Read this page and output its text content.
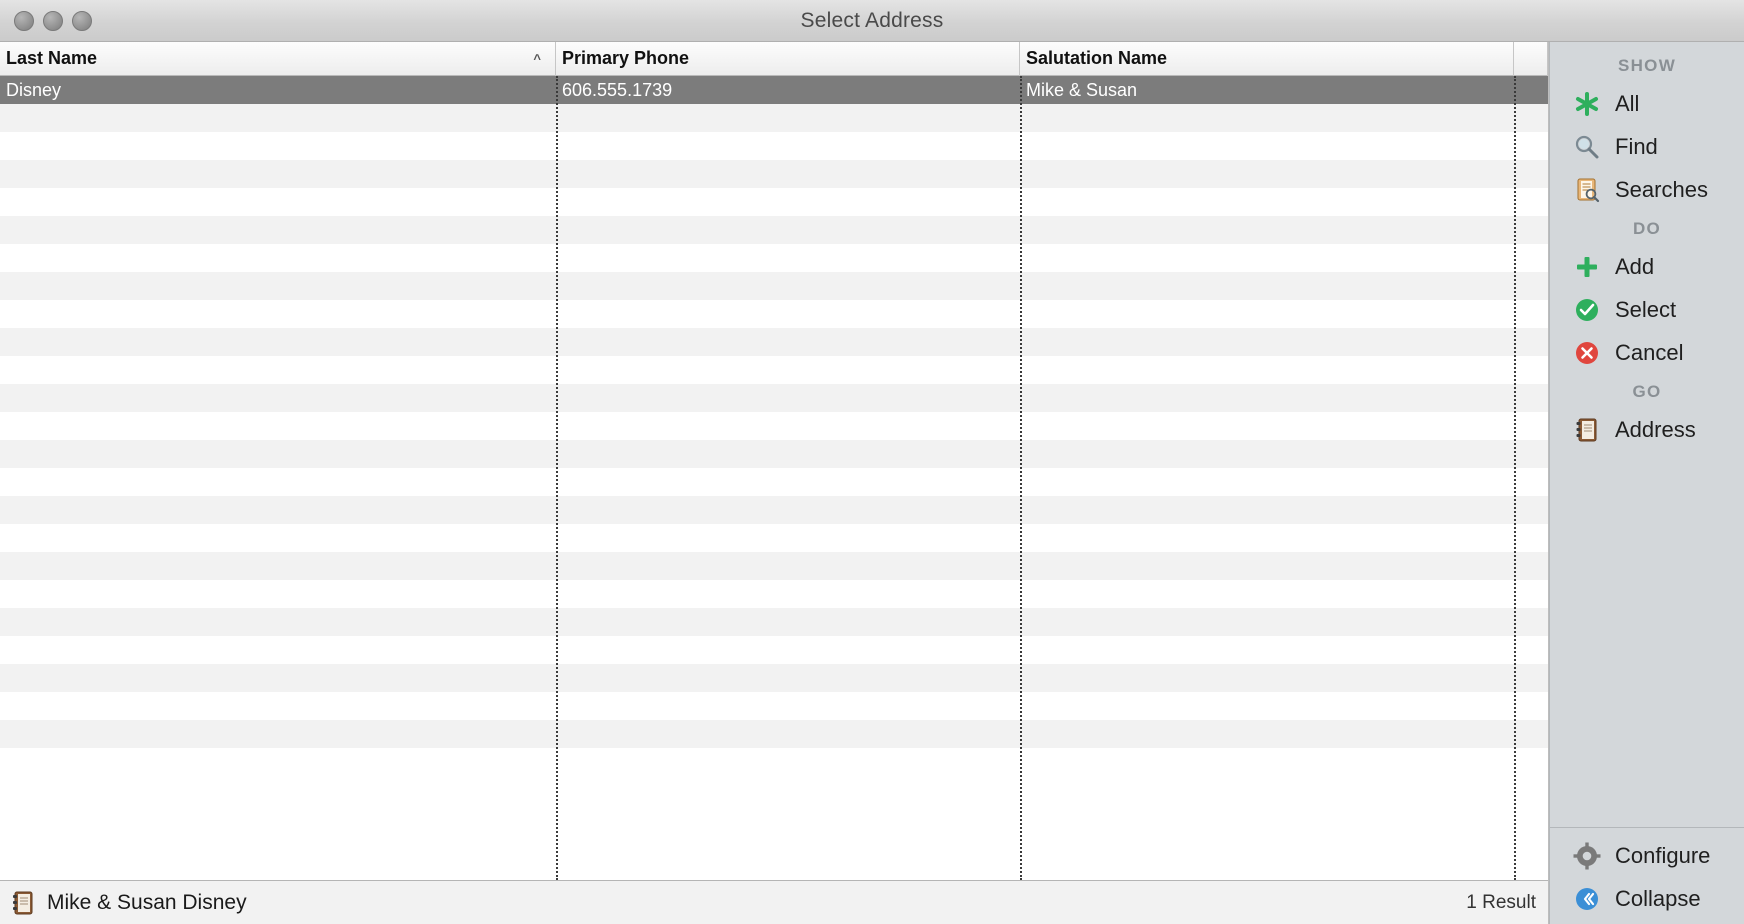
Select Address
Last Name	^ Primary Phone	Salutation Name
Disney	606.555.1739	Mike & Susan
Mike & Susan Disney	1 Result
SHOW
All
Find
Searches
DO
Add
Select
Cancel
GO
Address
Configure
Collapse
